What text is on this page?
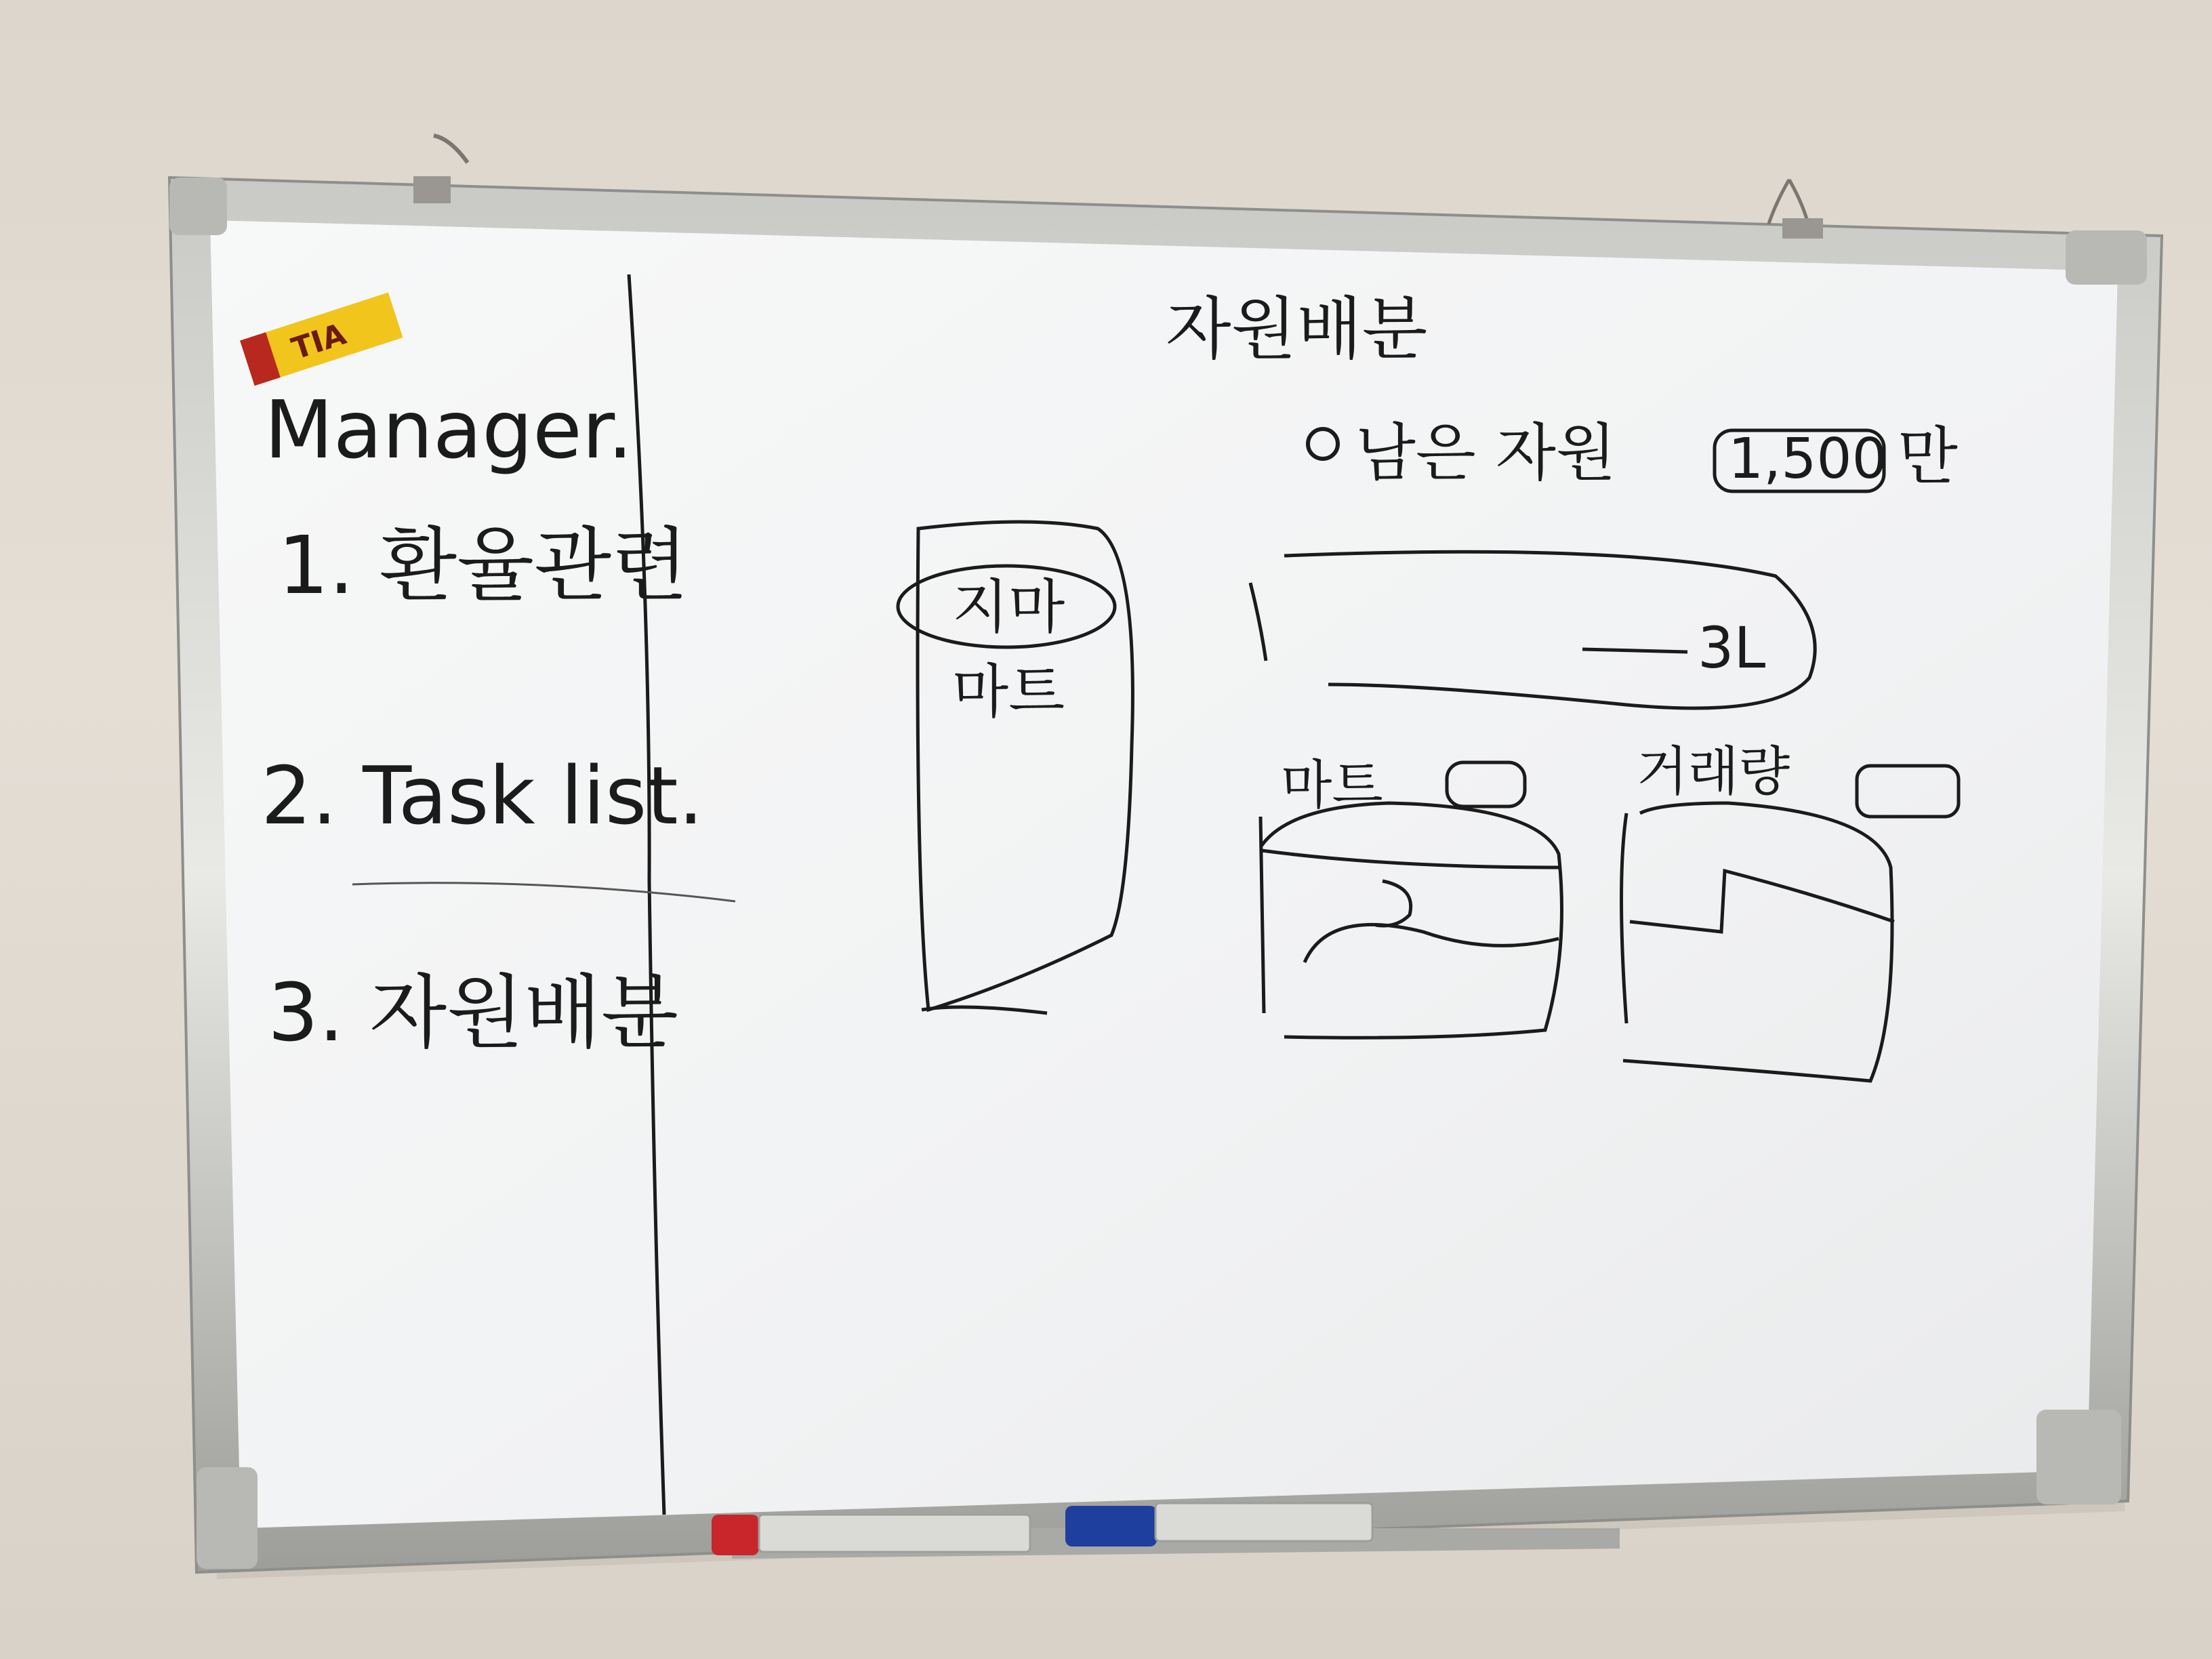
TIA
Manager.
1. 환율관련
2. Task list.
3. 자원배분
자원배분
남은 자원 1,500 만
지마
마트
3L
마트	거래량
